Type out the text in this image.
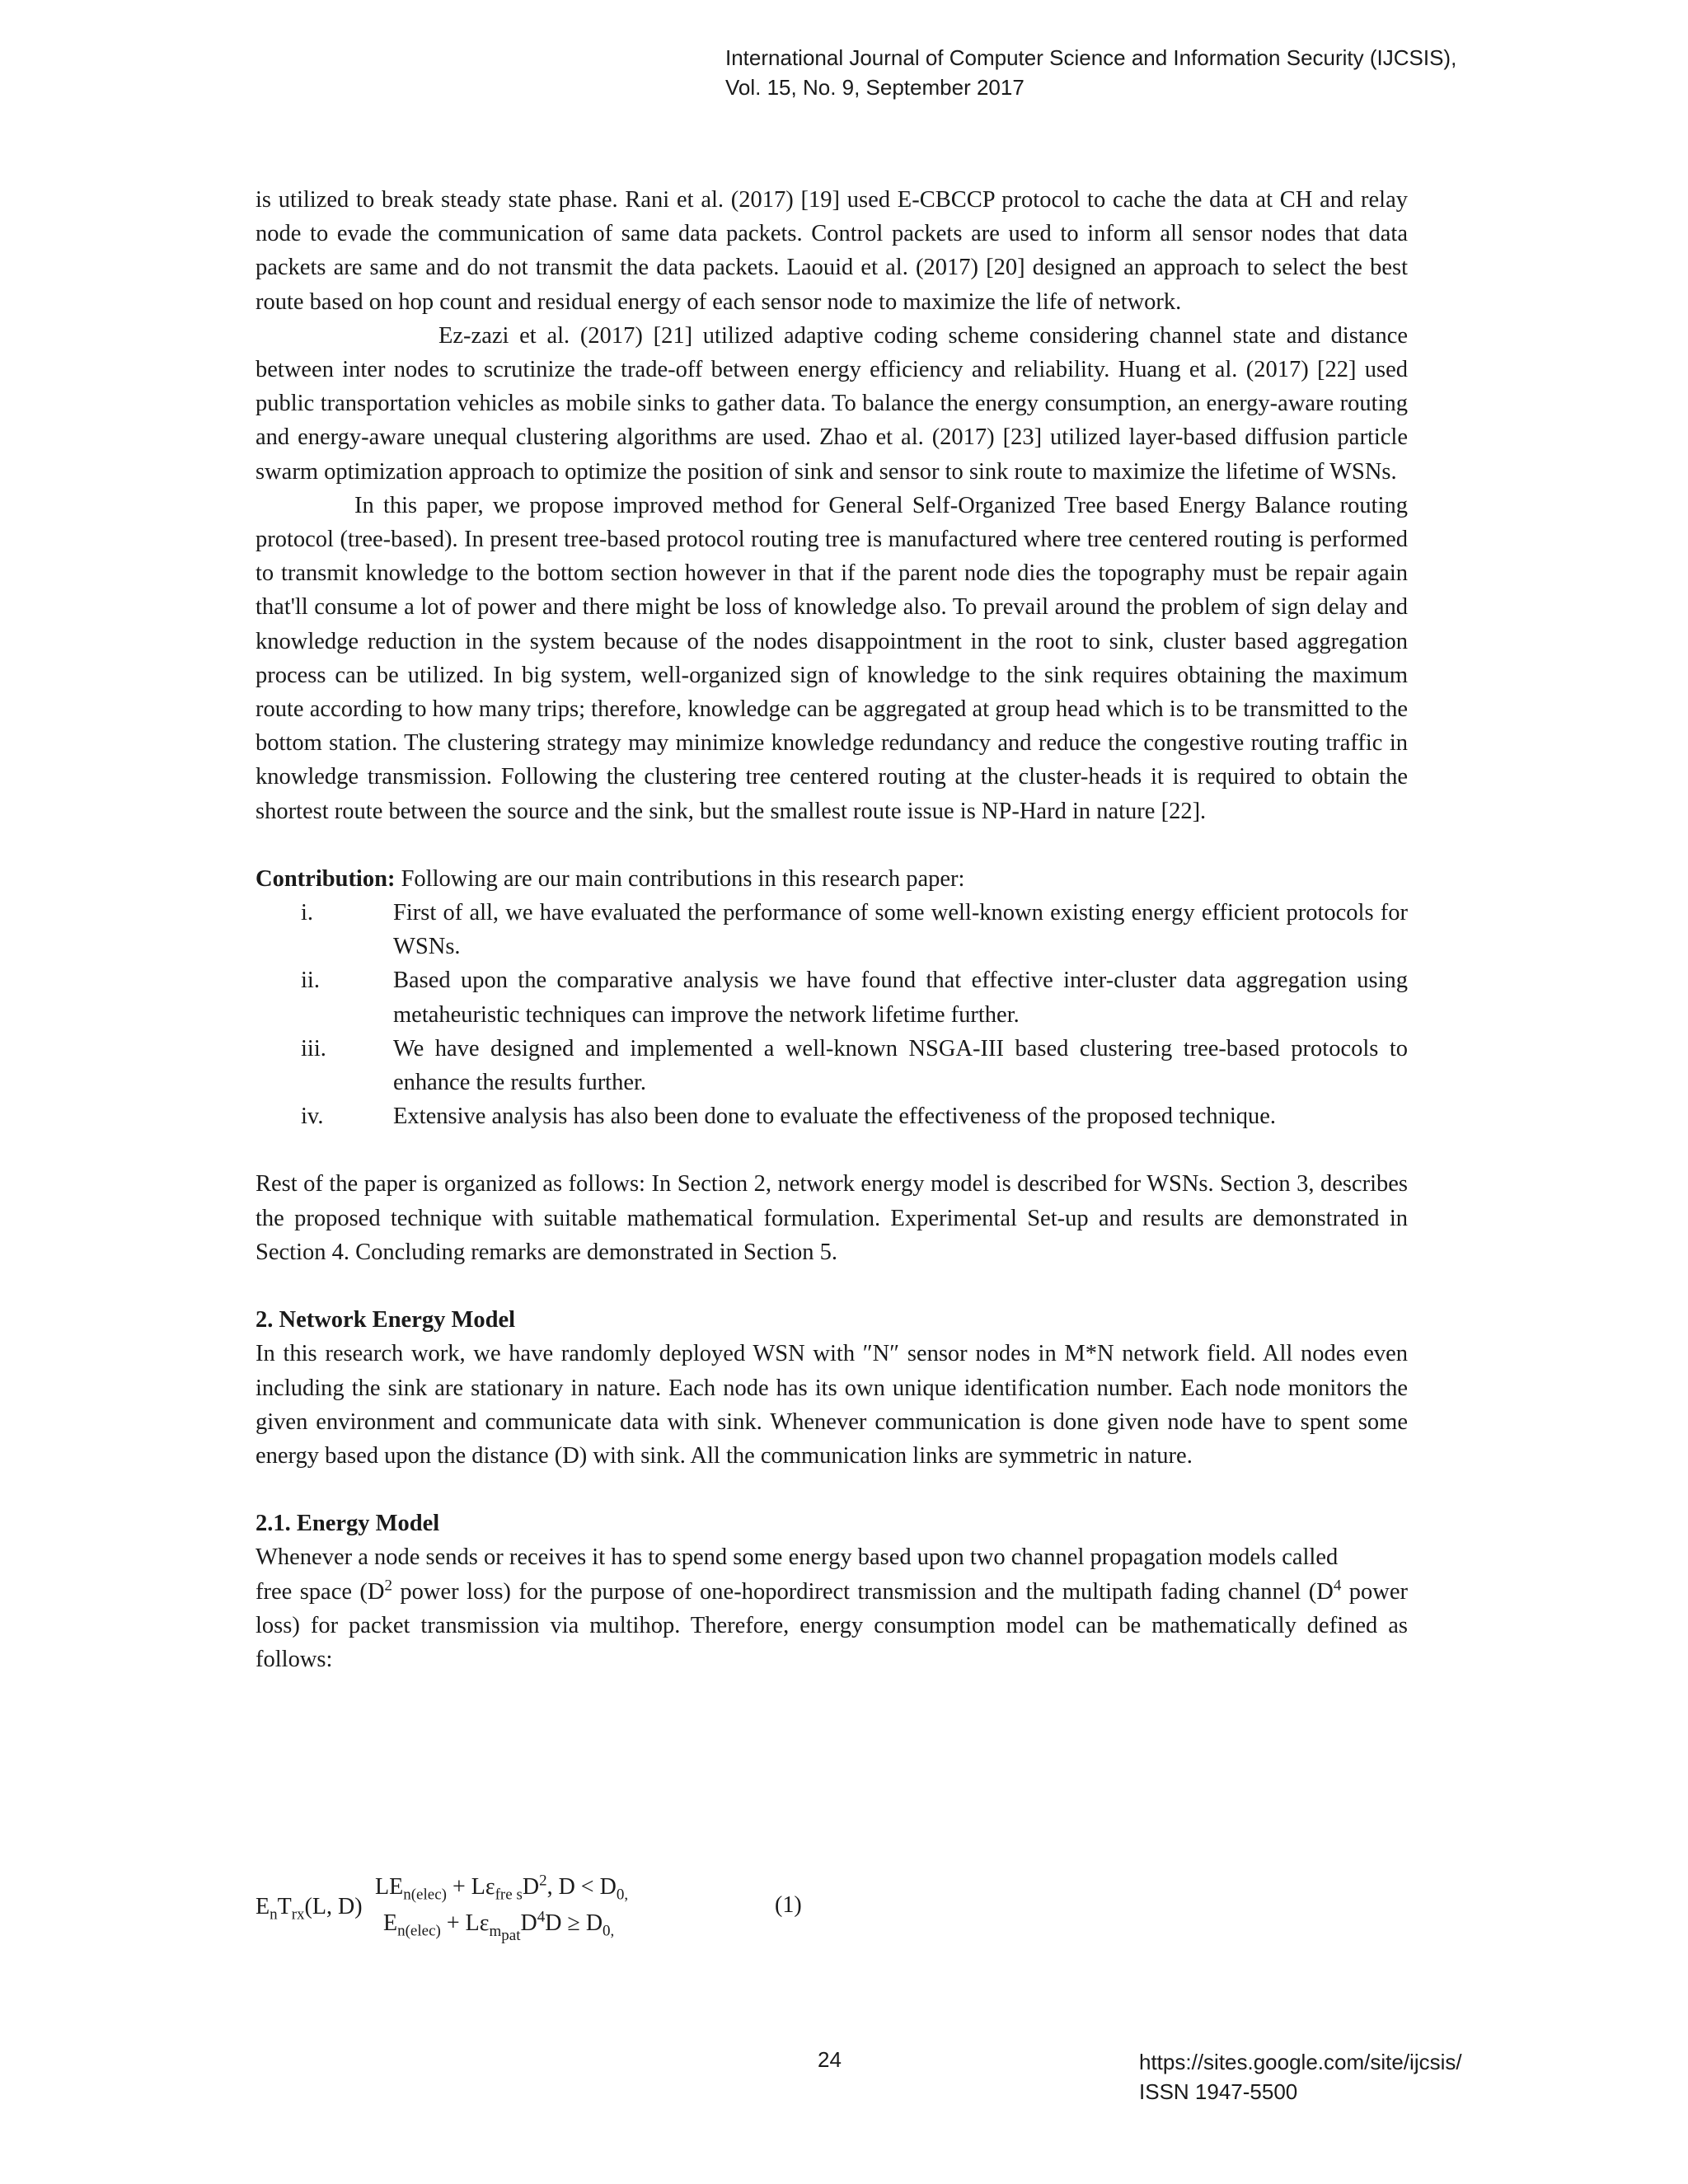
International Journal of Computer Science and Information Security (IJCSIS),
Vol. 15, No. 9, September 2017

is utilized to break steady state phase. Rani et al. (2017) [19] used E-CBCCP protocol to cache the data at CH and relay node to evade the communication of same data packets. Control packets are used to inform all sensor nodes that data packets are same and do not transmit the data packets. Laouid et al. (2017) [20] designed an approach to select the best route based on hop count and residual energy of each sensor node to maximize the life of network.

Ez-zazi et al. (2017) [21] utilized adaptive coding scheme considering channel state and distance between inter nodes to scrutinize the trade-off between energy efficiency and reliability. Huang et al. (2017) [22] used public transportation vehicles as mobile sinks to gather data. To balance the energy consumption, an energy-aware routing and energy-aware unequal clustering algorithms are used. Zhao et al. (2017) [23] utilized layer-based diffusion particle swarm optimization approach to optimize the position of sink and sensor to sink route to maximize the lifetime of WSNs.

In this paper, we propose improved method for General Self-Organized Tree based Energy Balance routing protocol (tree-based). In present tree-based protocol routing tree is manufactured where tree centered routing is performed to transmit knowledge to the bottom section however in that if the parent node dies the topography must be repair again that'll consume a lot of power and there might be loss of knowledge also. To prevail around the problem of sign delay and knowledge reduction in the system because of the nodes disappointment in the root to sink, cluster based aggregation process can be utilized. In big system, well-organized sign of knowledge to the sink requires obtaining the maximum route according to how many trips; therefore, knowledge can be aggregated at group head which is to be transmitted to the bottom station. The clustering strategy may minimize knowledge redundancy and reduce the congestive routing traffic in knowledge transmission. Following the clustering tree centered routing at the cluster-heads it is required to obtain the shortest route between the source and the sink, but the smallest route issue is NP-Hard in nature [22].

Contribution: Following are our main contributions in this research paper:

i.	First of all, we have evaluated the performance of some well-known existing energy efficient protocols for WSNs.

ii.	Based upon the comparative analysis we have found that effective inter-cluster data aggregation using metaheuristic techniques can improve the network lifetime further.

iii.	We have designed and implemented a well-known NSGA-III based clustering tree-based protocols to enhance the results further.

iv.	Extensive analysis has also been done to evaluate the effectiveness of the proposed technique.

Rest of the paper is organized as follows: In Section 2, network energy model is described for WSNs. Section 3, describes the proposed technique with suitable mathematical formulation. Experimental Set-up and results are demonstrated in Section 4. Concluding remarks are demonstrated in Section 5.

2. Network Energy Model

In this research work, we have randomly deployed WSN with ″N″ sensor nodes in M*N network field. All nodes even including the sink are stationary in nature. Each node has its own unique identification number. Each node monitors the given environment and communicate data with sink. Whenever communication is done given node have to spent some energy based upon the distance (D) with sink. All the communication links are symmetric in nature.

2.1. Energy Model

Whenever a node sends or receives it has to spend some energy based upon two channel propagation models called

free space ($D^2$ power loss) for the purpose of one-hopordirect transmission and the multipath fading channel ($D^4$ power loss) for packet transmission via multihop. Therefore, energy consumption model can be mathematically defined as follows:

$E_nT_{rx}(L$, D)
$LE_{n(elec)} + L\varepsilon_{fre s}D^2$, $D < D_{0,}$
$E_{n(elec)} + L\varepsilon_{m_{pat}}D^4D \ge D_{0,}$
(1)
24	https://sites.google.com/site/ijcsis/
ISSN 1947-5500
